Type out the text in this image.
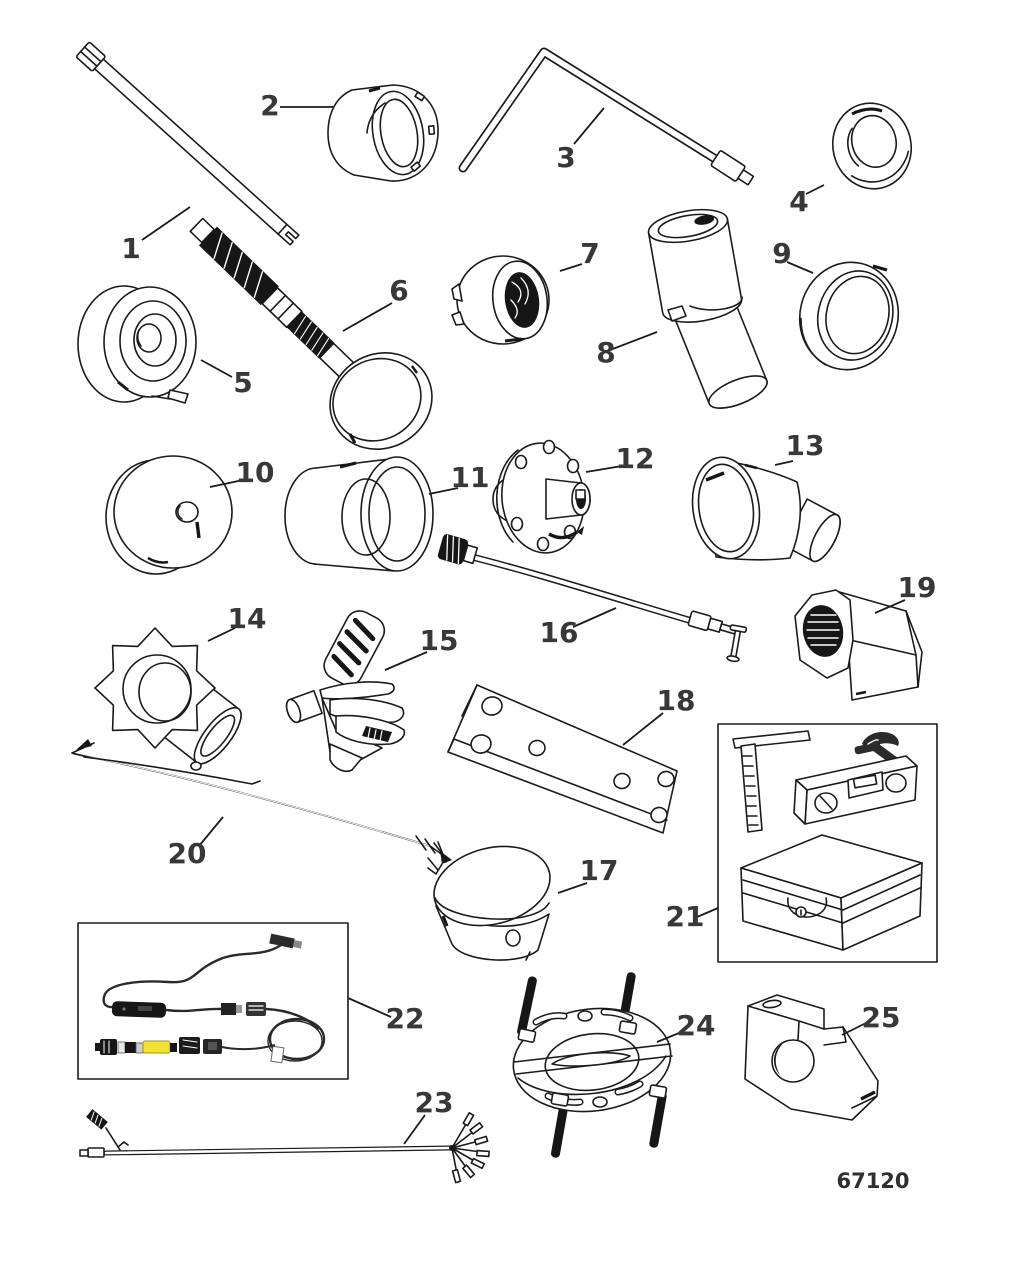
1
2
3
4
5
6
7
8
9
10	11
12	13
14
15	16
17
18
19
20
21
22
23
24	25
67120
